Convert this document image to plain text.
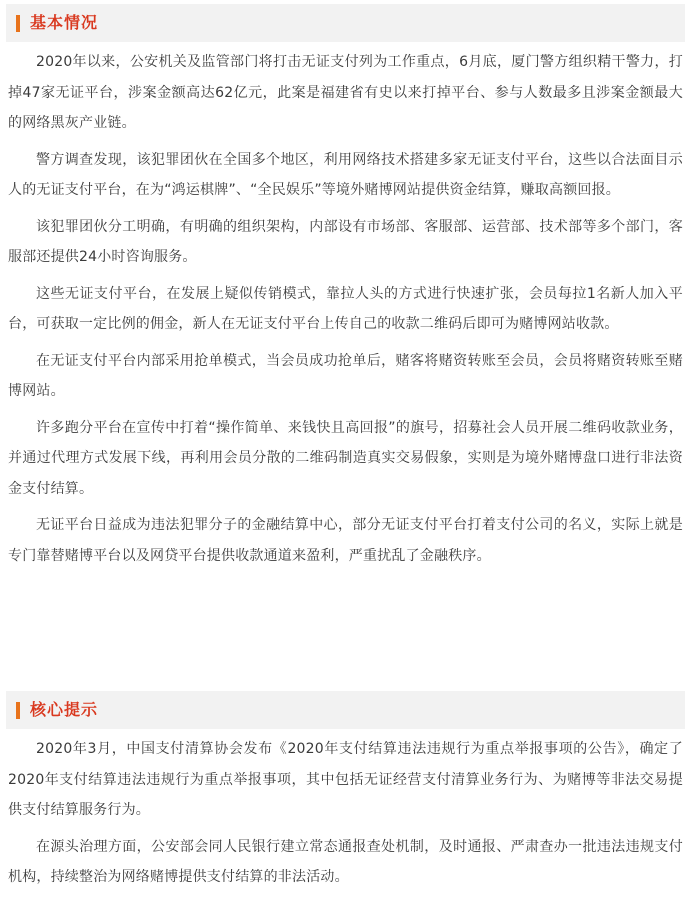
基本情况

2020年以来，公安机关及监管部门将打击无证支付列为工作重点，6月底，厦门警方组织精干警力，打掉47家无证平台，涉案金额高达62亿元，此案是福建省有史以来打掉平台、参与人数最多且涉案金额最大的网络黑灰产业链。

警方调查发现，该犯罪团伙在全国多个地区，利用网络技术搭建多家无证支付平台，这些以合法面目示人的无证支付平台，在为“鸿运棋牌”、“全民娱乐”等境外赌博网站提供资金结算，赚取高额回报。

该犯罪团伙分工明确，有明确的组织架构，内部设有市场部、客服部、运营部、技术部等多个部门，客服部还提供24小时咨询服务。

这些无证支付平台，在发展上疑似传销模式，靠拉人头的方式进行快速扩张，会员每拉1名新人加入平台，可获取一定比例的佣金，新人在无证支付平台上传自己的收款二维码后即可为赌博网站收款。

在无证支付平台内部采用抢单模式，当会员成功抢单后，赌客将赌资转账至会员，会员将赌资转账至赌博网站。

许多跑分平台在宣传中打着“操作简单、来钱快且高回报”的旗号，招募社会人员开展二维码收款业务，并通过代理方式发展下线，再利用会员分散的二维码制造真实交易假象，实则是为境外赌博盘口进行非法资金支付结算。

无证平台日益成为违法犯罪分子的金融结算中心，部分无证支付平台打着支付公司的名义，实际上就是专门靠替赌博平台以及网贷平台提供收款通道来盈利，严重扰乱了金融秩序。

核心提示

2020年3月，中国支付清算协会发布《2020年支付结算违法违规行为重点举报事项的公告》，确定了2020年支付结算违法违规行为重点举报事项，其中包括无证经营支付清算业务行为、为赌博等非法交易提供支付结算服务行为。

在源头治理方面，公安部会同人民银行建立常态通报查处机制，及时通报、严肃查办一批违法违规支付机构，持续整治为网络赌博提供支付结算的非法活动。
